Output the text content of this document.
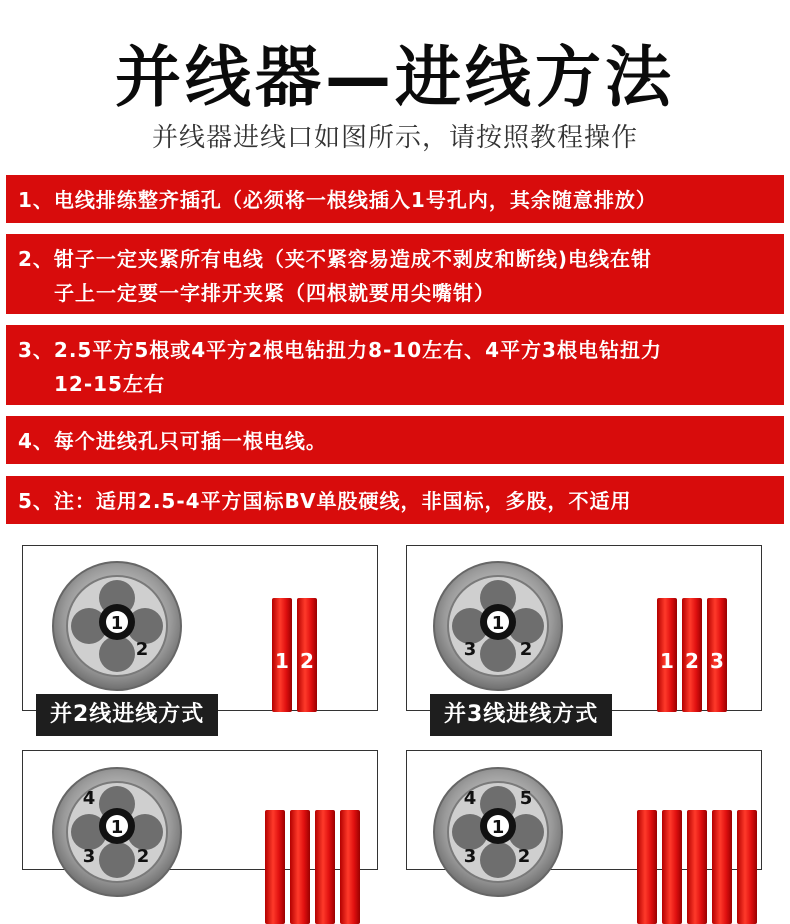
并线器—进线方法
并线器进线口如图所示，请按照教程操作
1、电线排练整齐插孔（必须将一根线插入1号孔内，其余随意排放）
2、钳子一定夹紧所有电线（夹不紧容易造成不剥皮和断线)电线在钳
子上一定要一字排开夹紧（四根就要用尖嘴钳）
3、2.5平方5根或4平方2根电钻扭力8-10左右、4平方3根电钻扭力
12-15左右
4、每个进线孔只可插一根电线。
5、注：适用2.5-4平方国标BV单股硬线，非国标，多股，不适用
1
2	1 2
并2线进线方式
1
2
3	1 2 3
并3线进线方式
1
2
3
4
1
2
3
4 5
